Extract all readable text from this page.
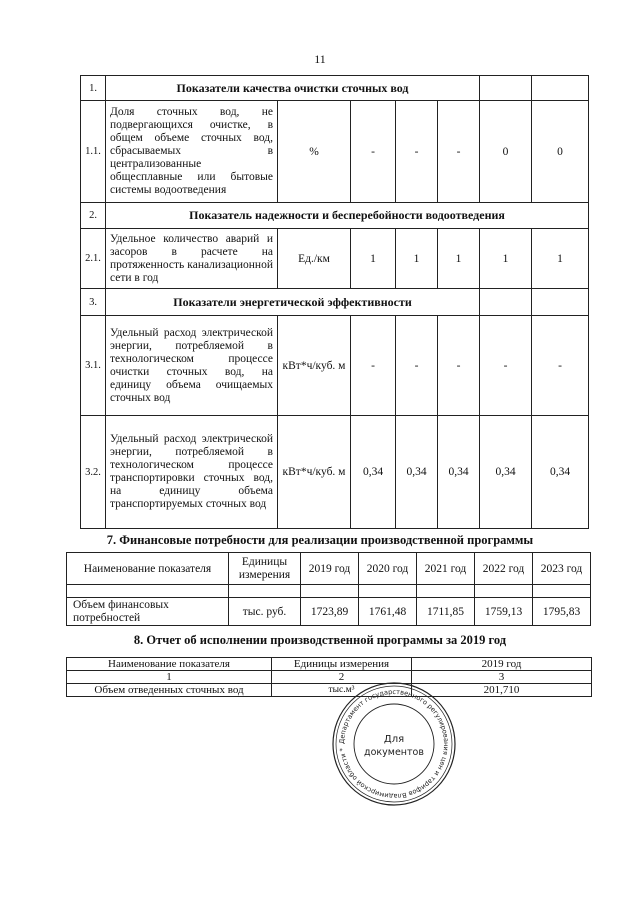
11
1.	Показатели качества очистки сточных вод						
1.1.	Доля сточных вод, не подвергающихся очистке, в общем объеме сточных вод, сбрасываемых в централизованные общесплавные или бытовые системы водоотведения	%	-	-	-	0	0
2.	Показатель надежности и бесперебойности водоотведения						
2.1.	Удельное количество аварий и засоров в расчете на протяженность канализационной сети в год	Ед./км	1	1	1	1	1
3.	Показатели энергетической эффективности						
3.1.	Удельный расход электрической энергии, потребляемой в технологическом процессе очистки сточных вод, на единицу объема очищаемых сточных вод	кВт*ч/куб. м	-	-	-	-	-
3.2.	Удельный расход электрической энергии, потребляемой в технологическом процессе транспортировки сточных вод, на единицу объема транспортируемых сточных вод	кВт*ч/куб. м	0,34	0,34	0,34	0,34	0,34
7. Финансовые потребности для реализации производственной программы
Наименование показателя	Единицы измерения	2019 год	2020 год	2021 год	2022 год	2023 год

Объем финансовых потребностей	тыс. руб.	1723,89	1761,48	1711,85	1759,13	1795,83
8. Отчет об исполнении производственной программы за 2019 год
Наименование показателя	Единицы измерения	2019 год
1	2	3
Объем отведенных сточных вод	тыс.м³	201,710
Департамент государственного регулирования цен и тарифов Владимирской области *
Для
документов
